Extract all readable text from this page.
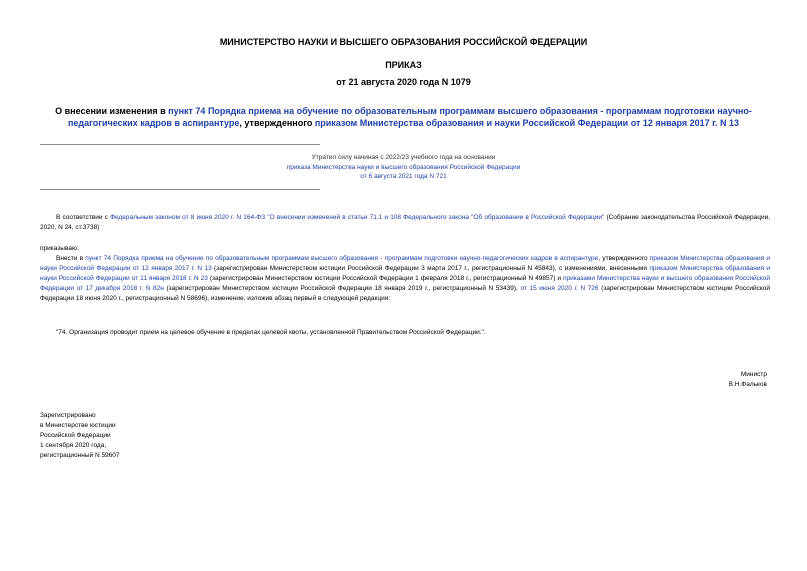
МИНИСТЕРСТВО НАУКИ И ВЫСШЕГО ОБРАЗОВАНИЯ РОССИЙСКОЙ ФЕДЕРАЦИИ
ПРИКАЗ
от 21 августа 2020 года N 1079
О внесении изменения в пункт 74 Порядка приема на обучение по образовательным программам высшего образования - программам подготовки научно-педагогических кадров в аспирантуре, утвержденного приказом Министерства образования и науки Российской Федерации от 12 января 2017 г. N 13
Утратил силу начиная с 2022/23 учебного года на основании
приказа Министерства науки и высшего образования Российской Федерации
от 6 августа 2021 года N 721
В соответствии с Федеральным законом от 8 июня 2020 г. N 164-ФЗ "О внесении изменений в статьи 71.1 и 108 Федерального закона "Об образовании в Российской Федерации" (Собрание законодательства Российской Федерации, 2020, N 24, ст.3738)
приказываю:
Внести в пункт 74 Порядка приема на обучение по образовательным программам высшего образования - программам подготовки научно-педагогических кадров в аспирантуре, утвержденного приказом Министерства образования и науки Российской Федерации от 12 января 2017 г. N 13 (зарегистрирован Министерством юстиции Российской Федерации 3 марта 2017 г., регистрационный N 45843), с изменениями, внесенными приказом Министерства образования и науки Российской Федерации от 11 января 2018 г. N 23 (зарегистрирован Министерством юстиции Российской Федерации 1 февраля 2018 г., регистрационный N 49857) и приказами Министерства науки и высшего образования Российской Федерации от 17 декабря 2018 г. N 82н (зарегистрирован Министерством юстиции Российской Федерации 18 января 2019 г., регистрационный N 53439), от 15 июня 2020 г. N 726 (зарегистрирован Министерством юстиции Российской Федерации 18 июня 2020 г., регистрационный N 58696), изменение, изложив абзац первый в следующей редакции:
"74. Организация проводит прием на целевое обучение в пределах целевой квоты, установленной Правительством Российской Федерации.".
Министр
В.Н.Фальков
Зарегистрировано
в Министерстве юстиции
Российской Федерации
1 сентября 2020 года,
регистрационный N 59607
